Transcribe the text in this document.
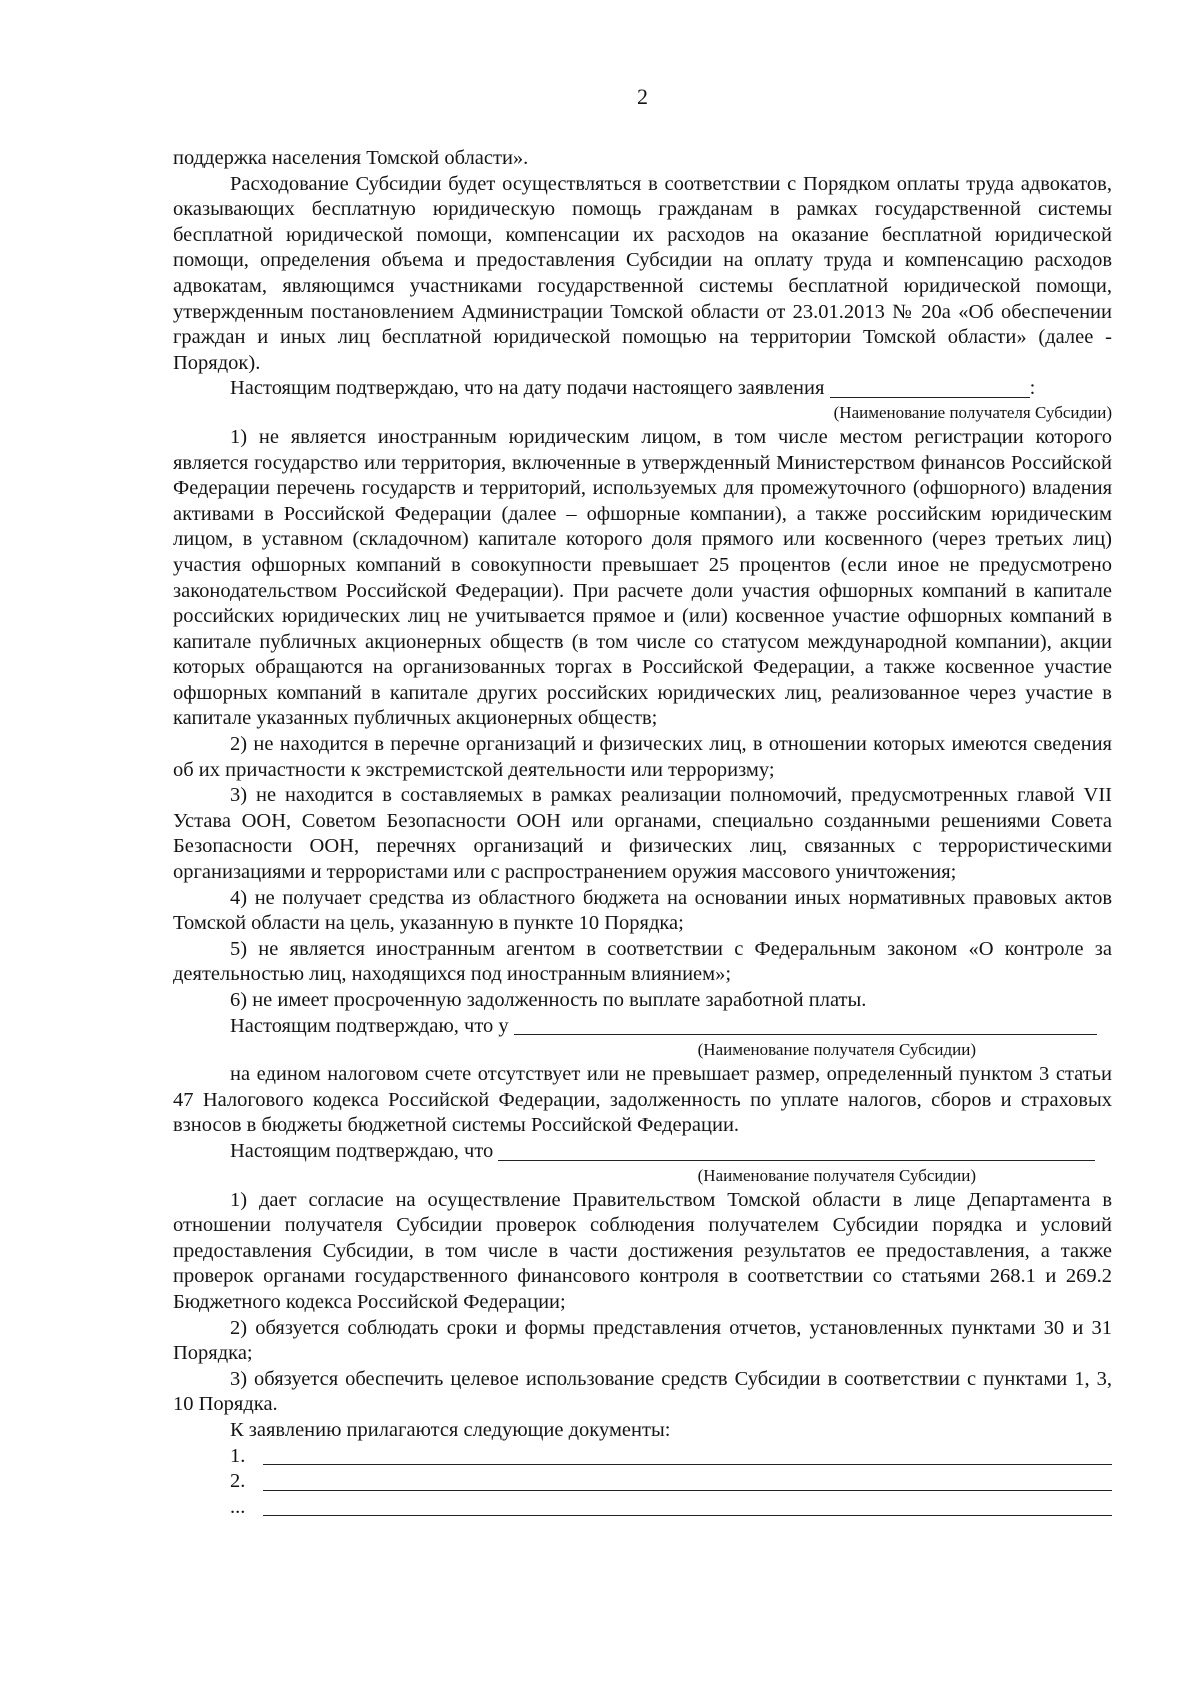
2

поддержка населения Томской области».

Расходование Субсидии будет осуществляться в соответствии с Порядком оплаты труда адвокатов, оказывающих бесплатную юридическую помощь гражданам в рамках государственной системы бесплатной юридической помощи, компенсации их расходов на оказание бесплатной юридической помощи, определения объема и предоставления Субсидии на оплату труда и компенсацию расходов адвокатам, являющимся участниками государственной системы бесплатной юридической помощи, утвержденным постановлением Администрации Томской области от 23.01.2013 № 20а «Об обеспечении граждан и иных лиц бесплатной юридической помощью на территории Томской области» (далее - Порядок).

Настоящим подтверждаю, что на дату подачи настоящего заявления	:
(Наименование получателя Субсидии)

1) не является иностранным юридическим лицом, в том числе местом регистрации которого является государство или территория, включенные в утвержденный Министерством финансов Российской Федерации перечень государств и территорий, используемых для промежуточного (офшорного) владения активами в Российской Федерации (далее – офшорные компании), а также российским юридическим лицом, в уставном (складочном) капитале которого доля прямого или косвенного (через третьих лиц) участия офшорных компаний в совокупности превышает 25 процентов (если иное не предусмотрено законодательством Российской Федерации). При расчете доли участия офшорных компаний в капитале российских юридических лиц не учитывается прямое и (или) косвенное участие офшорных компаний в капитале публичных акционерных обществ (в том числе со статусом международной компании), акции которых обращаются на организованных торгах в Российской Федерации, а также косвенное участие офшорных компаний в капитале других российских юридических лиц, реализованное через участие в капитале указанных публичных акционерных обществ;

2) не находится в перечне организаций и физических лиц, в отношении которых имеются сведения об их причастности к экстремистской деятельности или терроризму;

3) не находится в составляемых в рамках реализации полномочий, предусмотренных главой VII Устава ООН, Советом Безопасности ООН или органами, специально созданными решениями Совета Безопасности ООН, перечнях организаций и физических лиц, связанных с террористическими организациями и террористами или с распространением оружия массового уничтожения;

4) не получает средства из областного бюджета на основании иных нормативных правовых актов Томской области на цель, указанную в пункте 10 Порядка;

5) не является иностранным агентом в соответствии с Федеральным законом «О контроле за деятельностью лиц, находящихся под иностранным влиянием»;

6) не имеет просроченную задолженность по выплате заработной платы.

Настоящим подтверждаю, что у
(Наименование получателя Субсидии)

на едином налоговом счете отсутствует или не превышает размер, определенный пунктом 3 статьи 47 Налогового кодекса Российской Федерации, задолженность по уплате налогов, сборов и страховых взносов в бюджеты бюджетной системы Российской Федерации.

Настоящим подтверждаю, что
(Наименование получателя Субсидии)

1) дает согласие на осуществление Правительством Томской области в лице Департамента в отношении получателя Субсидии проверок соблюдения получателем Субсидии порядка и условий предоставления Субсидии, в том числе в части достижения результатов ее предоставления, а также проверок органами государственного финансового контроля в соответствии со статьями 268.1 и 269.2 Бюджетного кодекса Российской Федерации;

2) обязуется соблюдать сроки и формы представления отчетов, установленных пунктами 30 и 31 Порядка;

3) обязуется обеспечить целевое использование средств Субсидии в соответствии с пунктами 1, 3, 10 Порядка.

К заявлению прилагаются следующие документы:

1.
2.
...
